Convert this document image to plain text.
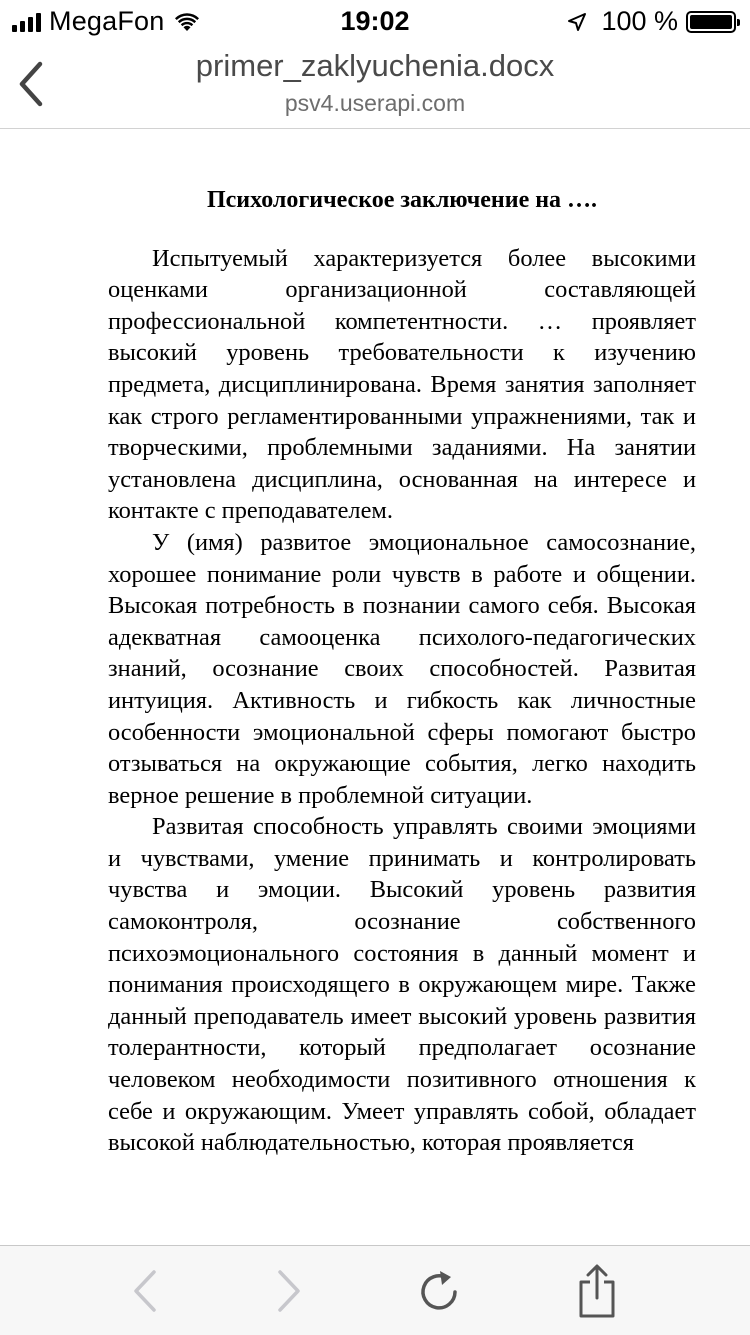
MegaFon	19:02	100 %
primer_zaklyuchenia.docx
psv4.userapi.com

Психологическое заключение на ….

Испытуемый характеризуется более высокими оценками организационной составляющей профессиональной компетентности. … проявляет высокий уровень требовательности к изучению предмета, дисциплинирована. Время занятия заполняет как строго регламентированными упражнениями, так и творческими, проблемными заданиями. На занятии установлена дисциплина, основанная на интересе и контакте с преподавателем.

У (имя) развитое эмоциональное самосознание, хорошее понимание роли чувств в работе и общении. Высокая потребность в познании самого себя. Высокая адекватная самооценка психолого-педагогических знаний, осознание своих способностей. Развитая интуиция. Активность и гибкость как личностные особенности эмоциональной сферы помогают быстро отзываться на окружающие события, легко находить верное решение в проблемной ситуации.

Развитая способность управлять своими эмоциями и чувствами, умение принимать и контролировать чувства и эмоции. Высокий уровень развития самоконтроля, осознание собственного психоэмоционального состояния в данный момент и понимания происходящего в окружающем мире. Также данный преподаватель имеет высокий уровень развития толерантности, который предполагает осознание человеком необходимости позитивного отношения к себе и окружающим. Умеет управлять собой, обладает высокой наблюдательностью, которая проявляется
